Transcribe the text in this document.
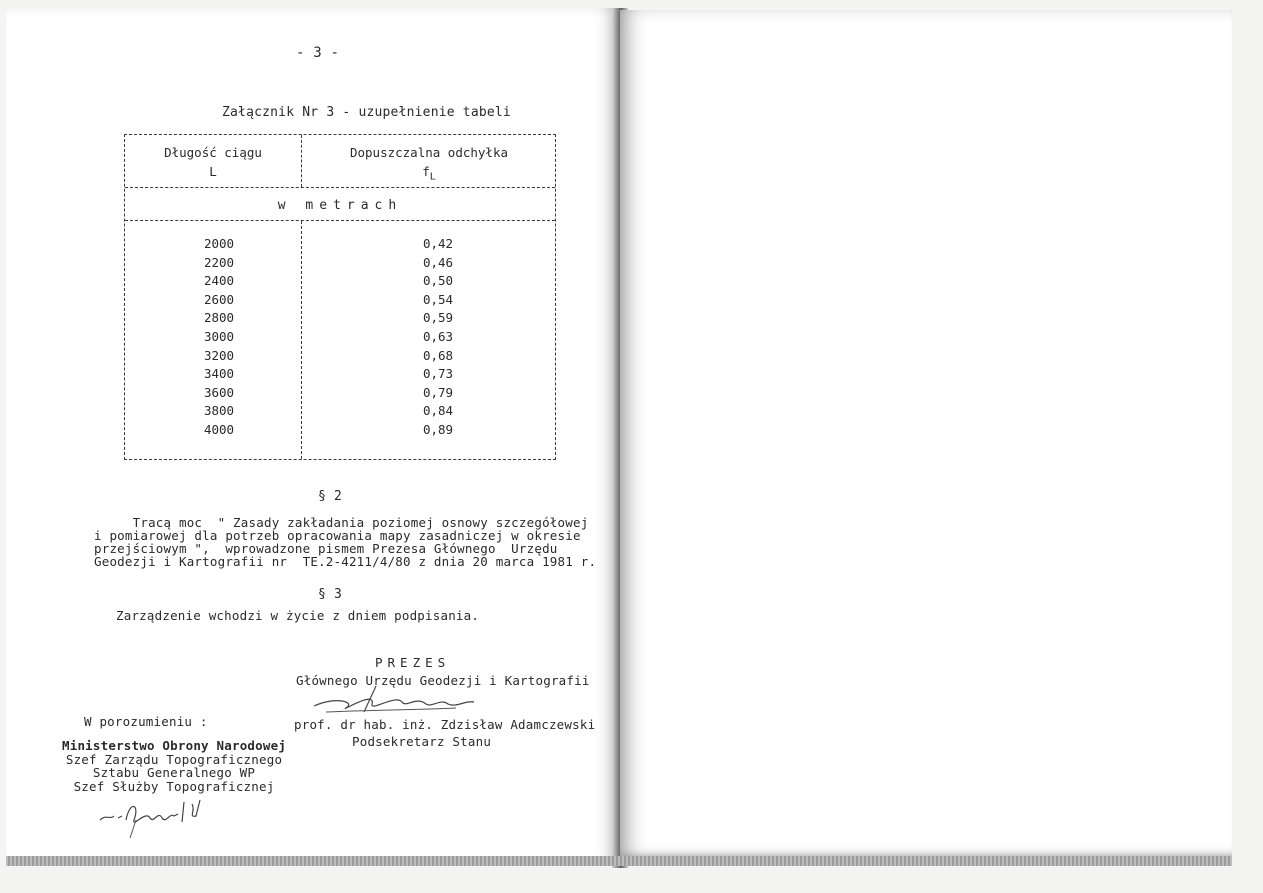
- 3 -
Załącznik Nr 3 - uzupełnienie tabeli
Długość ciągu
L
Dopuszczalna odchyłka
$f_L$
w metrach
2000
2200
2400
2600
2800
3000
3200
3400
3600
3800
4000
0,42
0,46
0,50
0,54
0,59
0,63
0,68
0,73
0,79
0,84
0,89
§ 2
Tracą moc  " Zasady zakładania poziomej osnowy szczegółowej
i pomiarowej dla potrzeb opracowania mapy zasadniczej w okresie
przejściowym ",  wprowadzone pismem Prezesa Głównego  Urzędu
Geodezji i Kartografii nr  TE.2-4211/4/80 z dnia 20 marca 1981 r.
§ 3
Zarządzenie wchodzi w życie z dniem podpisania.
PREZES
Głównego Urzędu Geodezji i Kartografii
prof. dr hab. inż. Zdzisław Adamczewski
Podsekretarz Stanu
W porozumieniu :
Ministerstwo Obrony Narodowej
Szef Zarządu Topograficznego
Sztabu Generalnego WP
Szef Służby Topograficznej
